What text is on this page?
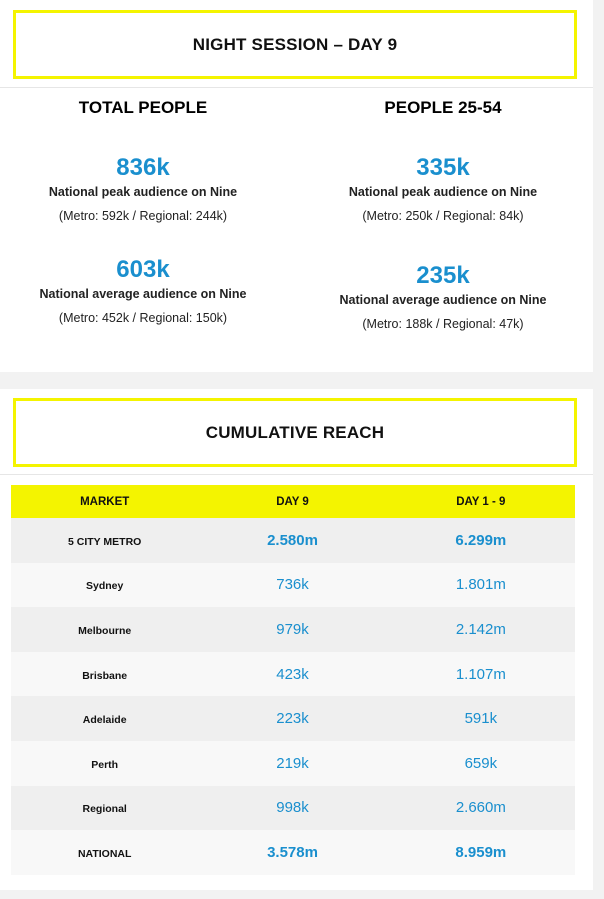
NIGHT SESSION – DAY 9
TOTAL PEOPLE
836k
National peak audience on Nine
(Metro: 592k / Regional: 244k)
603k
National average audience on Nine
(Metro: 452k / Regional: 150k)
PEOPLE 25-54
335k
National peak audience on Nine
(Metro: 250k / Regional: 84k)
235k
National average audience on Nine
(Metro: 188k / Regional: 47k)
CUMULATIVE REACH
MARKET	DAY 9	DAY 1 - 9
5 CITY METRO	2.580m	6.299m
Sydney	736k	1.801m
Melbourne	979k	2.142m
Brisbane	423k	1.107m
Adelaide	223k	591k
Perth	219k	659k
Regional	998k	2.660m
NATIONAL	3.578m	8.959m
